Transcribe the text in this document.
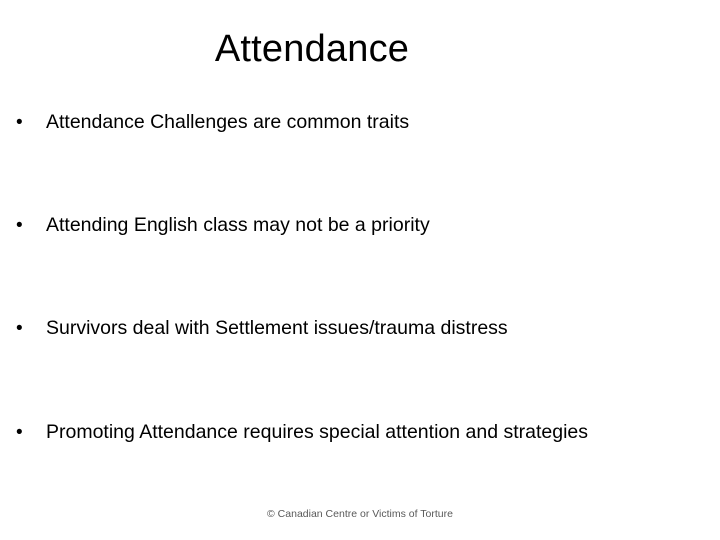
Attendance
•	Attendance Challenges are common traits
•	Attending English class may not be a priority
•	Survivors deal with Settlement issues/trauma distress
•	Promoting Attendance requires special attention and strategies
© Canadian Centre or Victims of Torture
